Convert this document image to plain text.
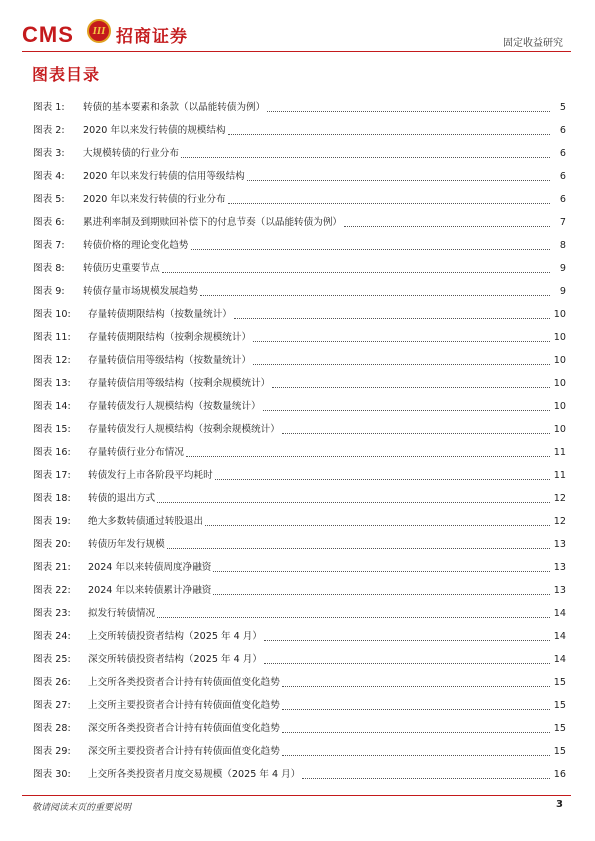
CMS	III 招商证券	固定收益研究
图表目录
图表 1:	转债的基本要素和条款（以晶能转债为例）	5
图表 2:	2020 年以来发行转债的规模结构	6
图表 3:	大规模转债的行业分布	6
图表 4:	2020 年以来发行转债的信用等级结构	6
图表 5:	2020 年以来发行转债的行业分布	6
图表 6:	累进利率制及到期赎回补偿下的付息节奏（以晶能转债为例）	7
图表 7:	转债价格的理论变化趋势	8
图表 8:	转债历史重要节点	9
图表 9:	转债存量市场规模发展趋势	9
图表 10:	存量转债期限结构（按数量统计）	10
图表 11:	存量转债期限结构（按剩余规模统计）	10
图表 12:	存量转债信用等级结构（按数量统计）	10
图表 13:	存量转债信用等级结构（按剩余规模统计）	10
图表 14:	存量转债发行人规模结构（按数量统计）	10
图表 15:	存量转债发行人规模结构（按剩余规模统计）	10
图表 16:	存量转债行业分布情况	11
图表 17:	转债发行上市各阶段平均耗时	11
图表 18:	转债的退出方式	12
图表 19:	绝大多数转债通过转股退出	12
图表 20:	转债历年发行规模	13
图表 21:	2024 年以来转债周度净融资	13
图表 22:	2024 年以来转债累计净融资	13
图表 23:	拟发行转债情况	14
图表 24:	上交所转债投资者结构（2025 年 4 月）	14
图表 25:	深交所转债投资者结构（2025 年 4 月）	14
图表 26:	上交所各类投资者合计持有转债面值变化趋势	15
图表 27:	上交所主要投资者合计持有转债面值变化趋势	15
图表 28:	深交所各类投资者合计持有转债面值变化趋势	15
图表 29:	深交所主要投资者合计持有转债面值变化趋势	15
图表 30:	上交所各类投资者月度交易规模（2025 年 4 月）	16
敬请阅读末页的重要说明	3
